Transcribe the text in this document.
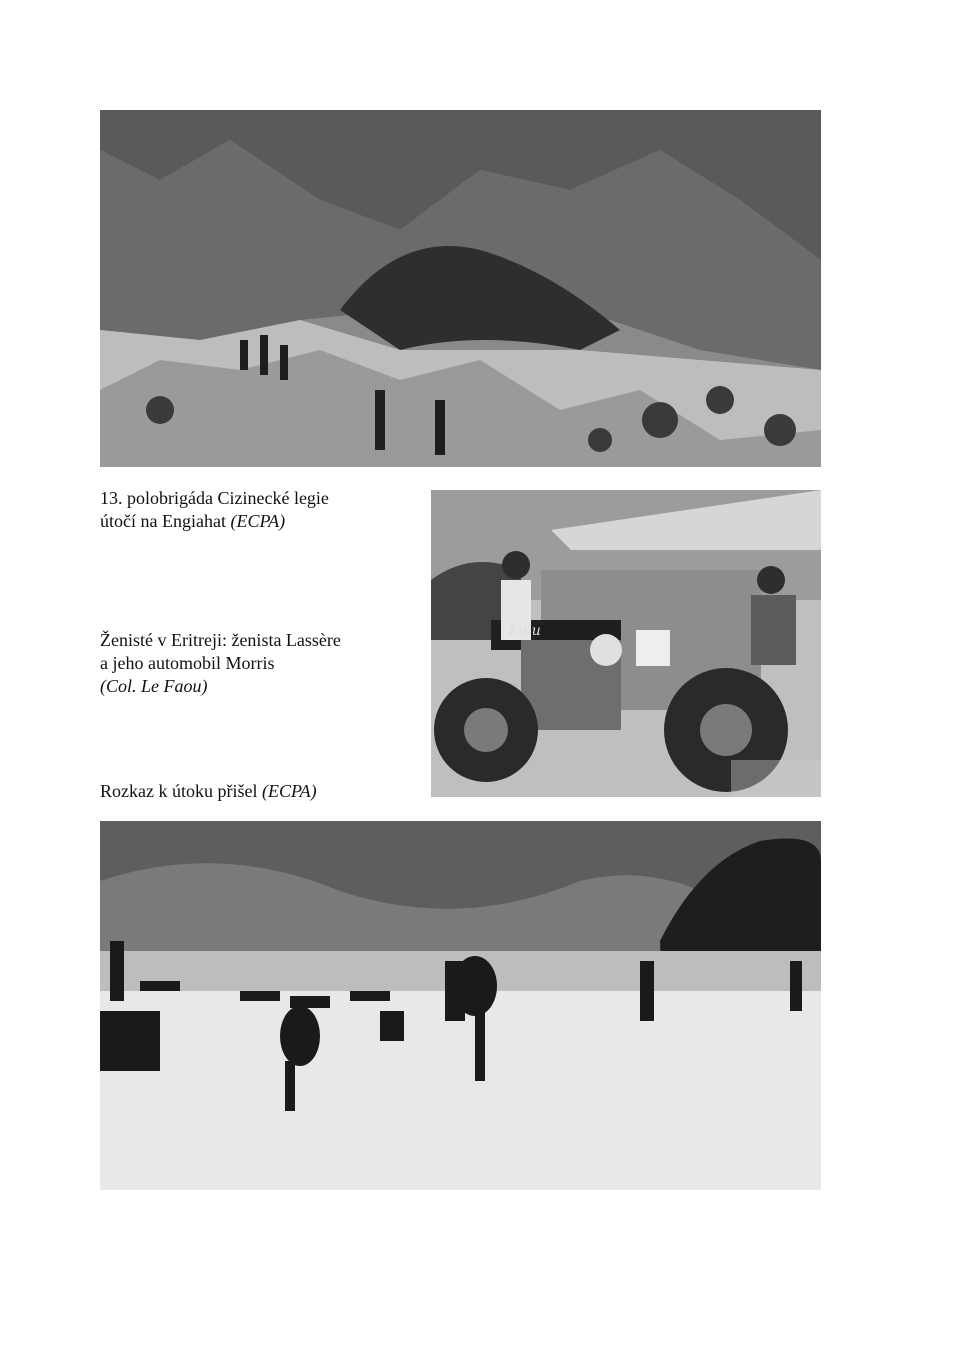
13. polobrigáda Cizinecké legie
útočí na Engiahat (ECPA)
Lulu
Ženisté v Eritreji: ženista Lassère
a jeho automobil Morris
(Col. Le Faou)
Rozkaz k útoku přišel (ECPA)
